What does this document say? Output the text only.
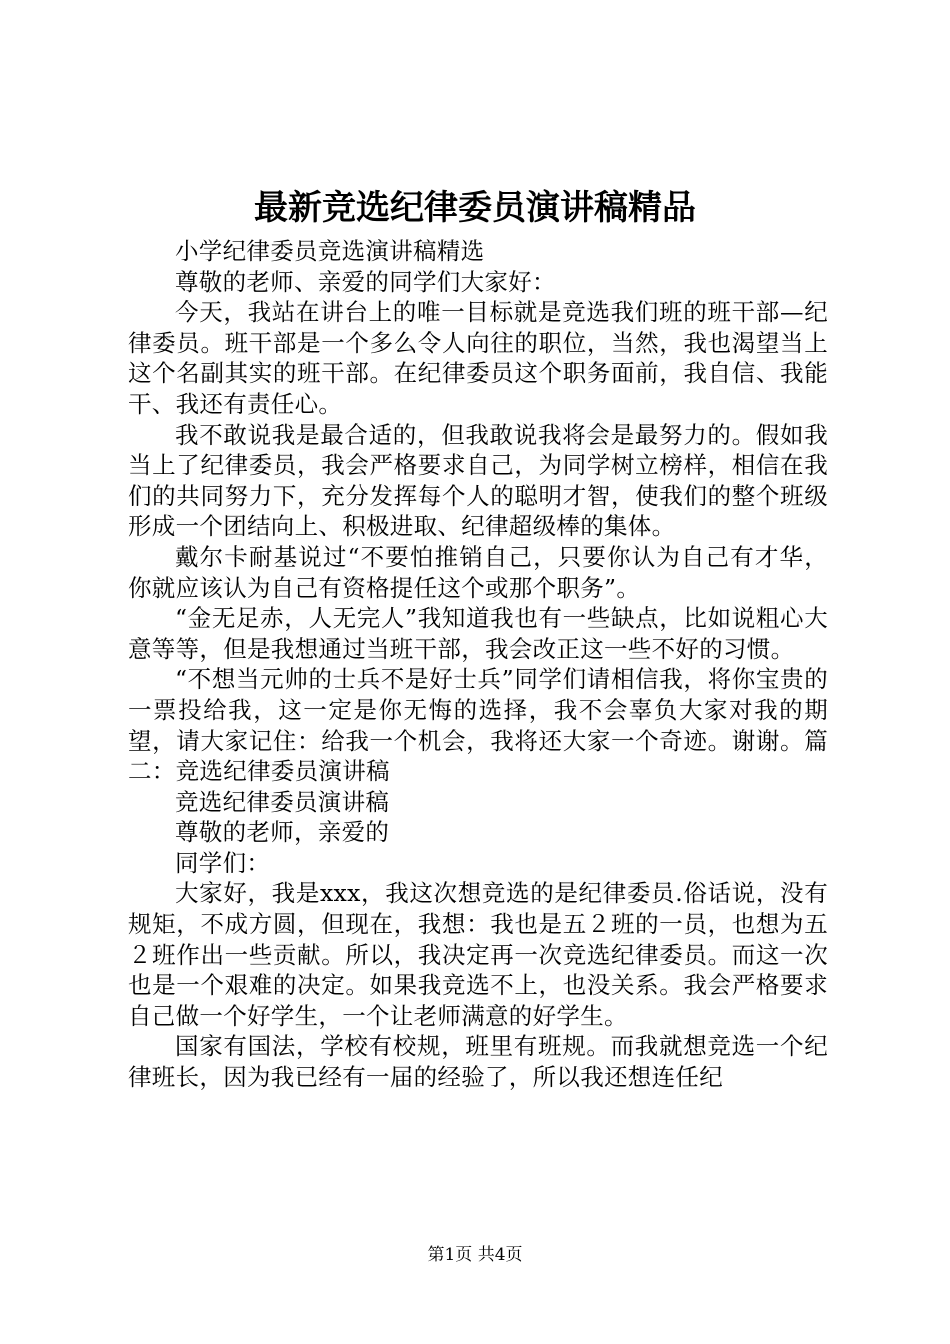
最新竞选纪律委员演讲稿精品

小学纪律委员竞选演讲稿精选

尊敬的老师、亲爱的同学们大家好：

今天，我站在讲台上的唯一目标就是竞选我们班的班干部—纪律委员。班干部是一个多么令人向往的职位，当然，我也渴望当上这个名副其实的班干部。在纪律委员这个职务面前，我自信、我能干、我还有责任心。

我不敢说我是最合适的，但我敢说我将会是最努力的。假如我当上了纪律委员，我会严格要求自己，为同学树立榜样，相信在我们的共同努力下，充分发挥每个人的聪明才智，使我们的整个班级形成一个团结向上、积极进取、纪律超级棒的集体。

戴尔卡耐基说过“不要怕推销自己，只要你认为自己有才华，你就应该认为自己有资格提任这个或那个职务”。

“金无足赤，人无完人”我知道我也有一些缺点，比如说粗心大意等等，但是我想通过当班干部，我会改正这一些不好的习惯。

“不想当元帅的士兵不是好士兵”同学们请相信我，将你宝贵的一票投给我，这一定是你无悔的选择，我不会辜负大家对我的期望，请大家记住：给我一个机会，我将还大家一个奇迹。谢谢。篇二：竞选纪律委员演讲稿

竞选纪律委员演讲稿

尊敬的老师，亲爱的

同学们：

大家好，我是xxx，我这次想竞选的是纪律委员.俗话说，没有规矩，不成方圆，但现在，我想：我也是五２班的一员，也想为五２班作出一些贡献。所以，我决定再一次竞选纪律委员。而这一次也是一个艰难的决定。如果我竞选不上，也没关系。我会严格要求自己做一个好学生，一个让老师满意的好学生。

国家有国法，学校有校规，班里有班规。而我就想竞选一个纪律班长，因为我已经有一届的经验了，所以我还想连任纪

第1页 共4页
